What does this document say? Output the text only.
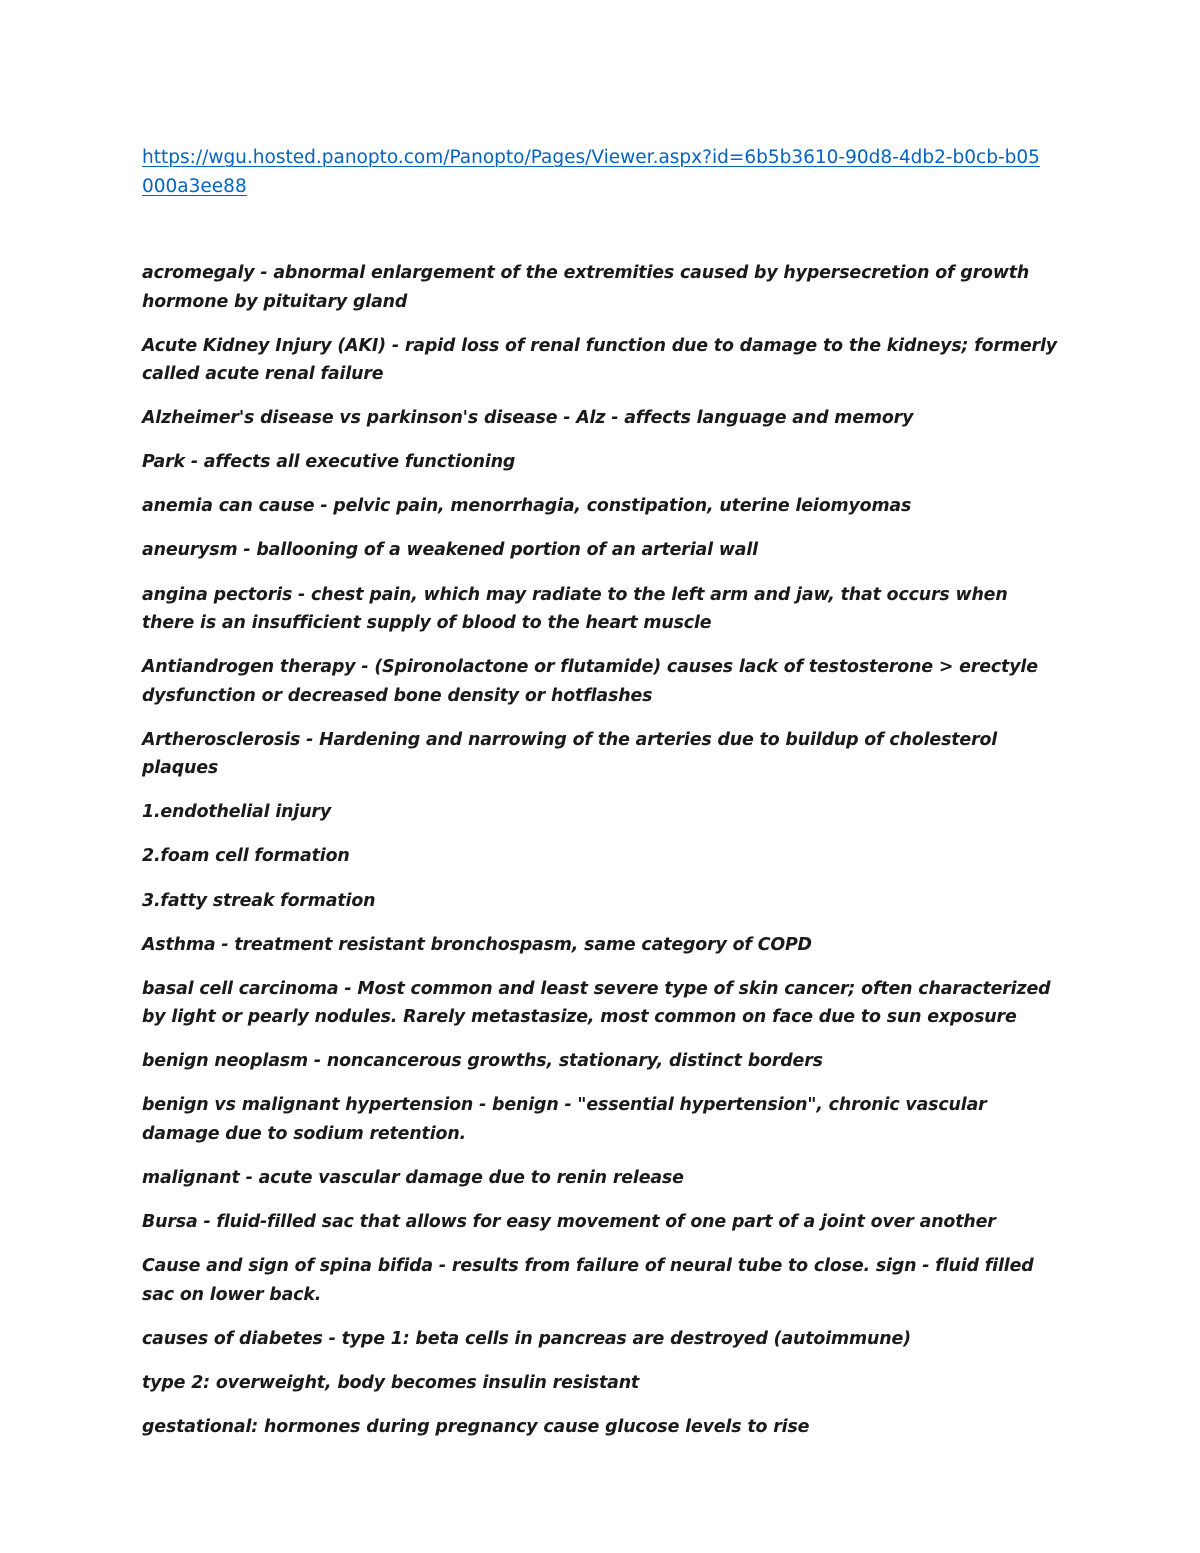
https://wgu.hosted.panopto.com/Panopto/Pages/Viewer.aspx?id=6b5b3610-90d8-4db2-b0cb-b05000a3ee88

acromegaly - abnormal enlargement of the extremities caused by hypersecretion of growth hormone by pituitary gland

Acute Kidney Injury (AKI) - rapid loss of renal function due to damage to the kidneys; formerly called acute renal failure

Alzheimer's disease vs parkinson's disease - Alz - affects language and memory

Park - affects all executive functioning

anemia can cause - pelvic pain, menorrhagia, constipation, uterine leiomyomas

aneurysm - ballooning of a weakened portion of an arterial wall

angina pectoris - chest pain, which may radiate to the left arm and jaw, that occurs when there is an insufficient supply of blood to the heart muscle

Antiandrogen therapy - (Spironolactone or flutamide) causes lack of testosterone > erectyle dysfunction or decreased bone density or hotflashes

Artherosclerosis - Hardening and narrowing of the arteries due to buildup of cholesterol plaques

1.endothelial injury

2.foam cell formation

3.fatty streak formation

Asthma - treatment resistant bronchospasm, same category of COPD

basal cell carcinoma - Most common and least severe type of skin cancer; often characterized by light or pearly nodules. Rarely metastasize, most common on face due to sun exposure

benign neoplasm - noncancerous growths, stationary, distinct borders

benign vs malignant hypertension - benign - "essential hypertension", chronic vascular damage due to sodium retention.

malignant - acute vascular damage due to renin release

Bursa - fluid-filled sac that allows for easy movement of one part of a joint over another

Cause and sign of spina bifida - results from failure of neural tube to close. sign - fluid filled sac on lower back.

causes of diabetes - type 1: beta cells in pancreas are destroyed (autoimmune)

type 2: overweight, body becomes insulin resistant

gestational: hormones during pregnancy cause glucose levels to rise
